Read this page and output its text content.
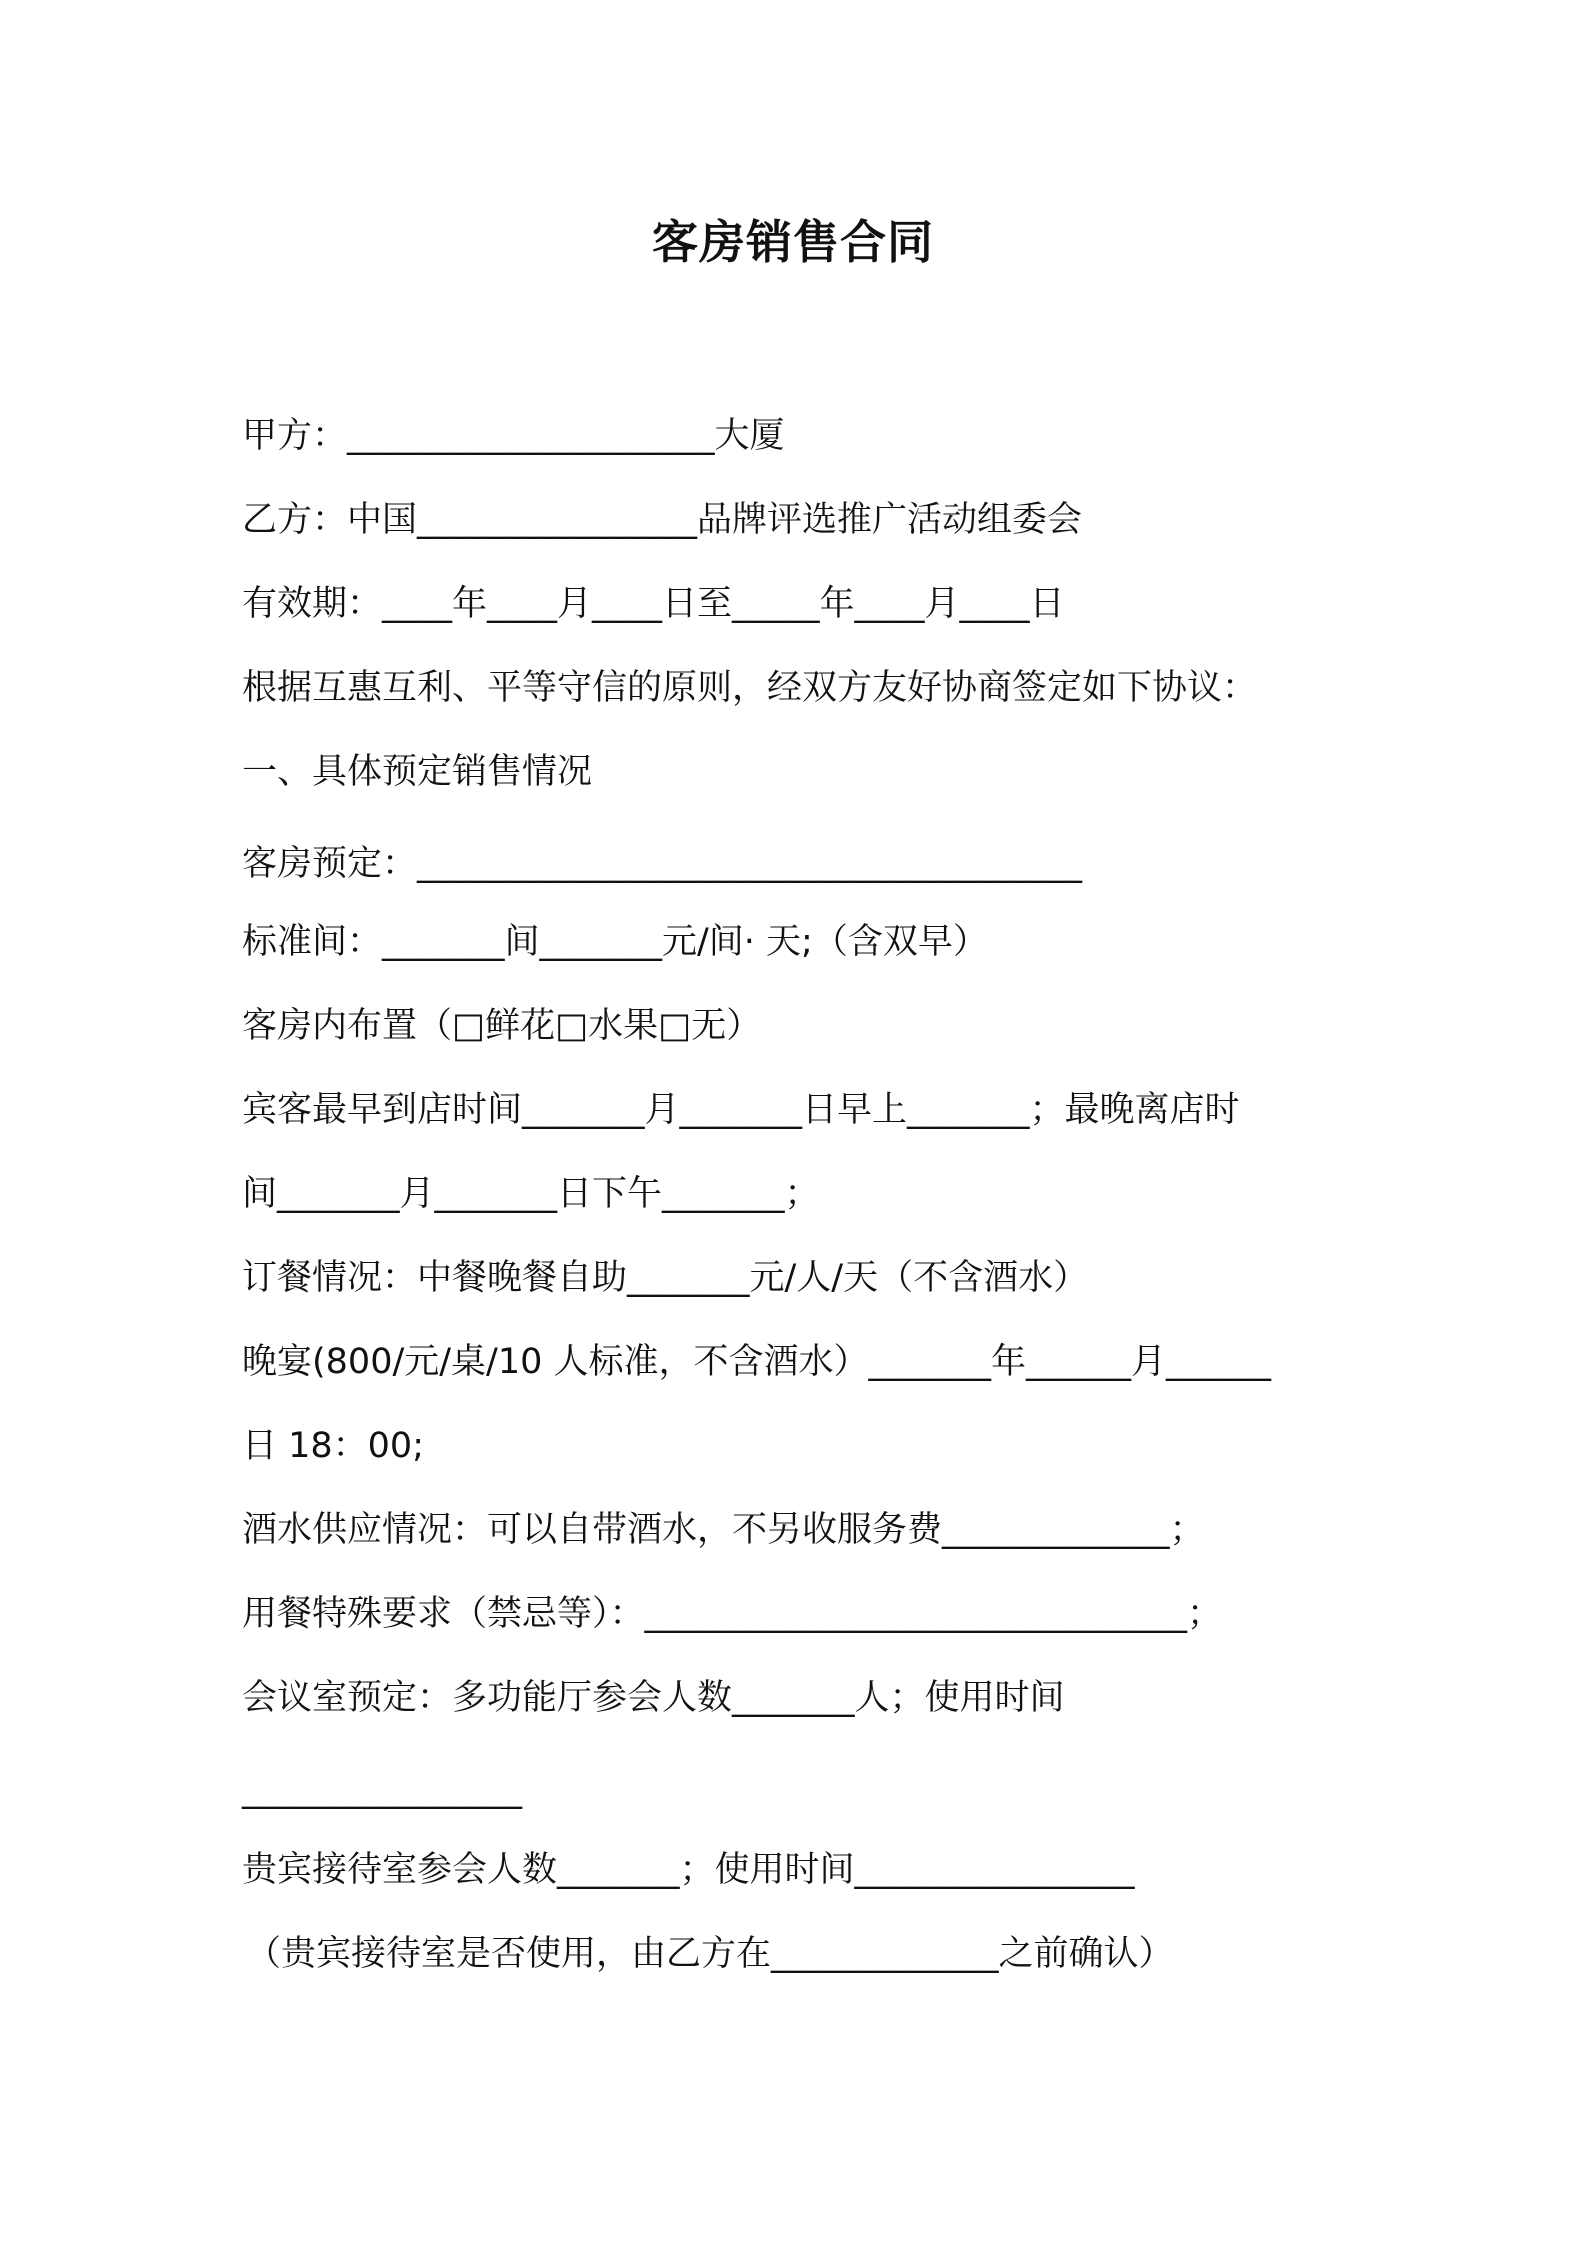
客房销售合同
甲方：_____________________大厦
乙方：中国________________品牌评选推广活动组委会
有效期：____年____月____日至_____年____月____日
根据互惠互利、平等守信的原则，经双方友好协商签定如下协议：
一、具体预定销售情况
客房预定：______________________________________
标准间：_______间_______元/间· 天;（含双早）
客房内布置（□鲜花□水果□无）
宾客最早到店时间_______月_______日早上_______；最晚离店时
间_______月_______日下午_______；
订餐情况：中餐晚餐自助_______元/人/天（不含酒水）
晚宴(800/元/桌/10 人标准，不含酒水）_______年______月______
日 18：00;
酒水供应情况：可以自带酒水，不另收服务费_____________；
用餐特殊要求（禁忌等）：_______________________________；
会议室预定：多功能厅参会人数_______人；使用时间
________________
贵宾接待室参会人数_______；使用时间________________
（贵宾接待室是否使用，由乙方在_____________之前确认）
